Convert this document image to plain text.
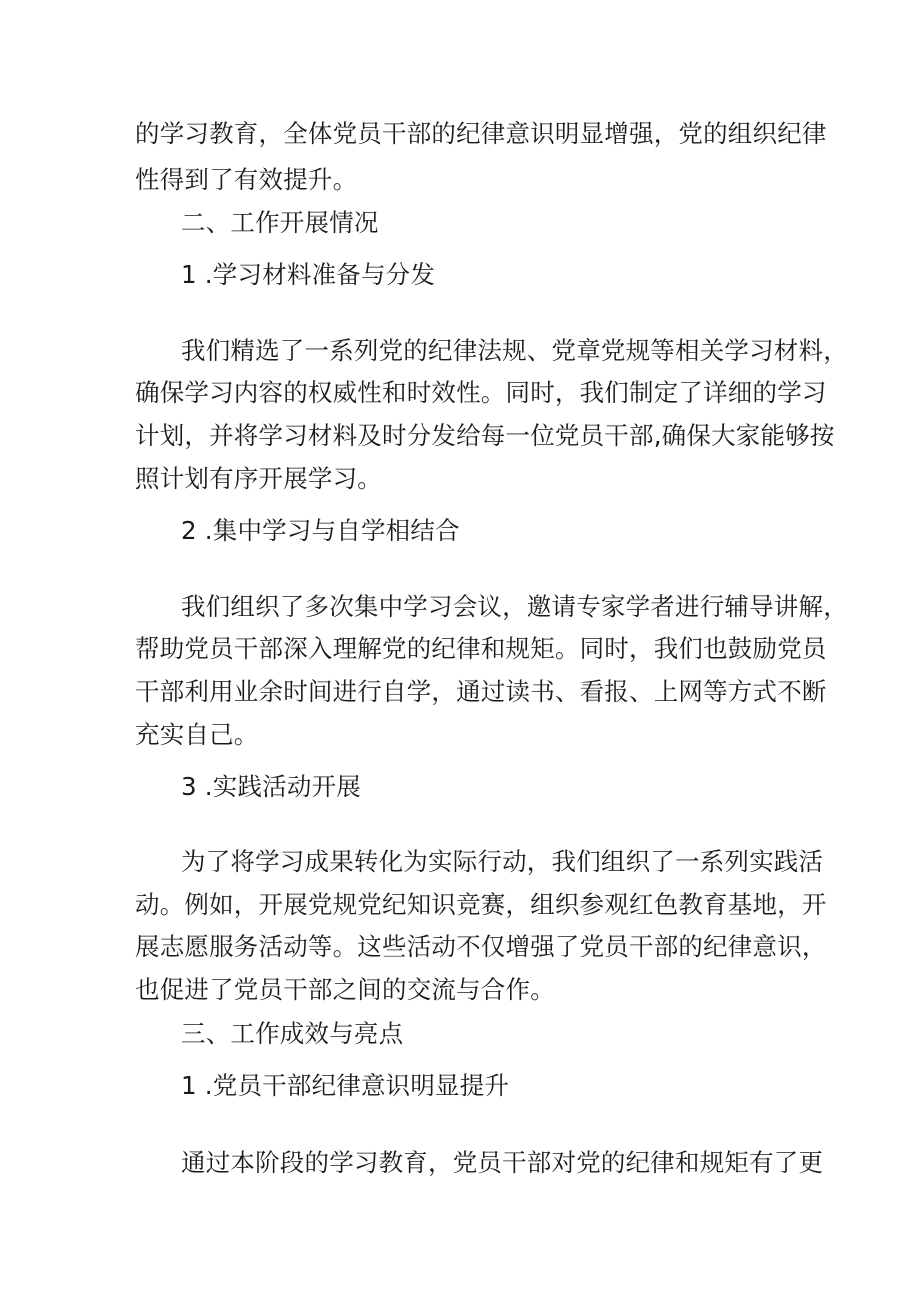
的学习教育，全体党员干部的纪律意识明显增强，党的组织纪律

性得到了有效提升。

二、工作开展情况

1 .学习材料准备与分发

我们精选了一系列党的纪律法规、党章党规等相关学习材料，

确保学习内容的权威性和时效性。同时，我们制定了详细的学习

计划，并将学习材料及时分发给每一位党员干部,确保大家能够按

照计划有序开展学习。

2 .集中学习与自学相结合

我们组织了多次集中学习会议，邀请专家学者进行辅导讲解，

帮助党员干部深入理解党的纪律和规矩。同时，我们也鼓励党员

干部利用业余时间进行自学，通过读书、看报、上网等方式不断

充实自己。

3 .实践活动开展

为了将学习成果转化为实际行动，我们组织了一系列实践活

动。例如，开展党规党纪知识竞赛，组织参观红色教育基地，开

展志愿服务活动等。这些活动不仅增强了党员干部的纪律意识，

也促进了党员干部之间的交流与合作。

三、工作成效与亮点

1 .党员干部纪律意识明显提升

通过本阶段的学习教育，党员干部对党的纪律和规矩有了更
